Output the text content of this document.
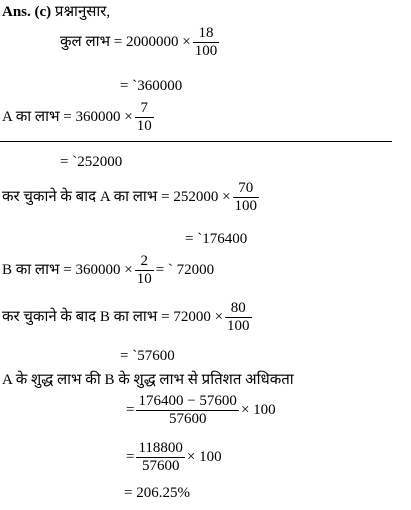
Ans. (c) प्रश्नानुसार,
कुल लाभ = $2000000 \times \frac{18}{100}$
= `360000
A का लाभ = $360000 \times \frac{7}{10}$
= `252000
कर चुकाने के बाद A का लाभ = $252000 \times \frac{70}{100}$
= `176400
B का लाभ = $360000 \times \frac{2}{10}$ = ` 72000
कर चुकाने के बाद B का लाभ = $72000 \times \frac{80}{100}$
= `57600
A के शुद्ध लाभ की B के शुद्ध लाभ से प्रतिशत अधिकता
= $\frac{176400 - 57600}{57600} \times 100$
= $\frac{118800}{57600} \times 100$
= 206.25%
